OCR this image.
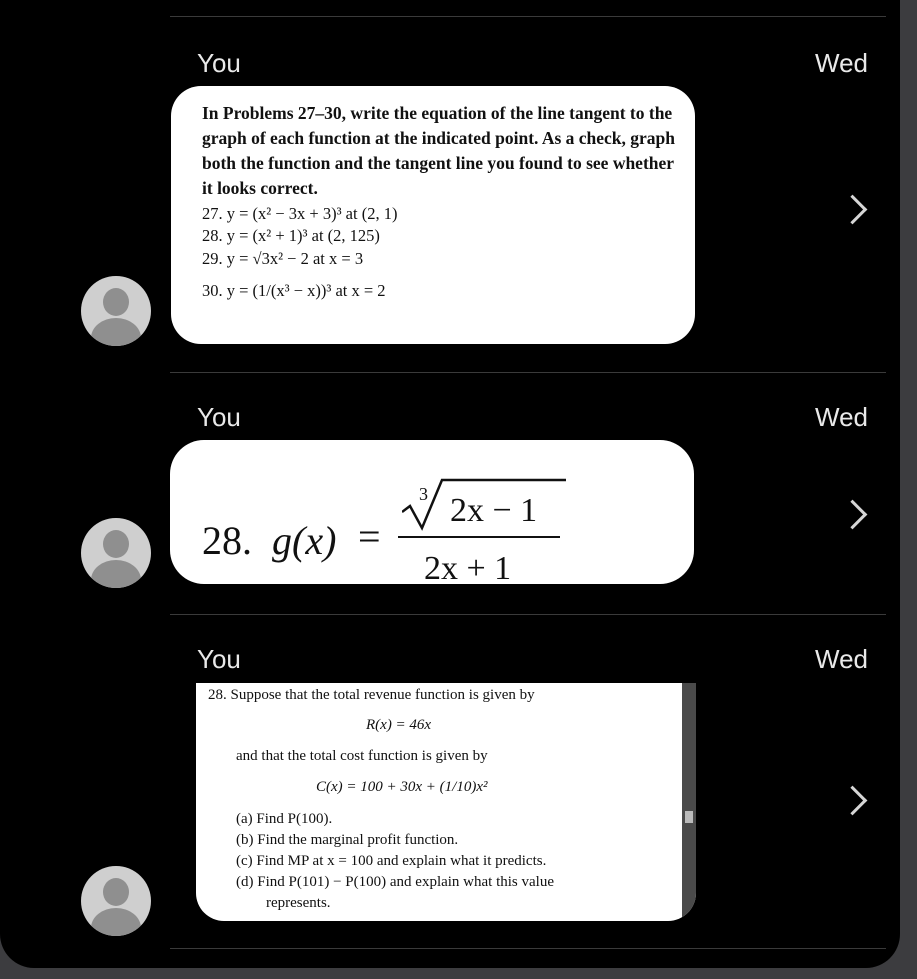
You	Wed
In Problems 27–30, write the equation of the line tangent to the graph of each function at the indicated point. As a check, graph both the function and the tangent line you found to see whether it looks correct.
27. y = (x² − 3x + 3)³ at (2, 1)
28. y = (x² + 1)³ at (2, 125)
29. y = √3x² − 2 at x = 3
30. y = (1/(x³ − x))³ at x = 2
You	Wed
28. g(x) =
3 2x − 1
2x + 1
You	Wed
28. Suppose that the total revenue function is given by
R(x) = 46x
and that the total cost function is given by
C(x) = 100 + 30x + (1/10)x²
(a) Find P(100).
(b) Find the marginal profit function.
(c) Find MP at x = 100 and explain what it predicts.
(d) Find P(101) − P(100) and explain what this value
represents.
